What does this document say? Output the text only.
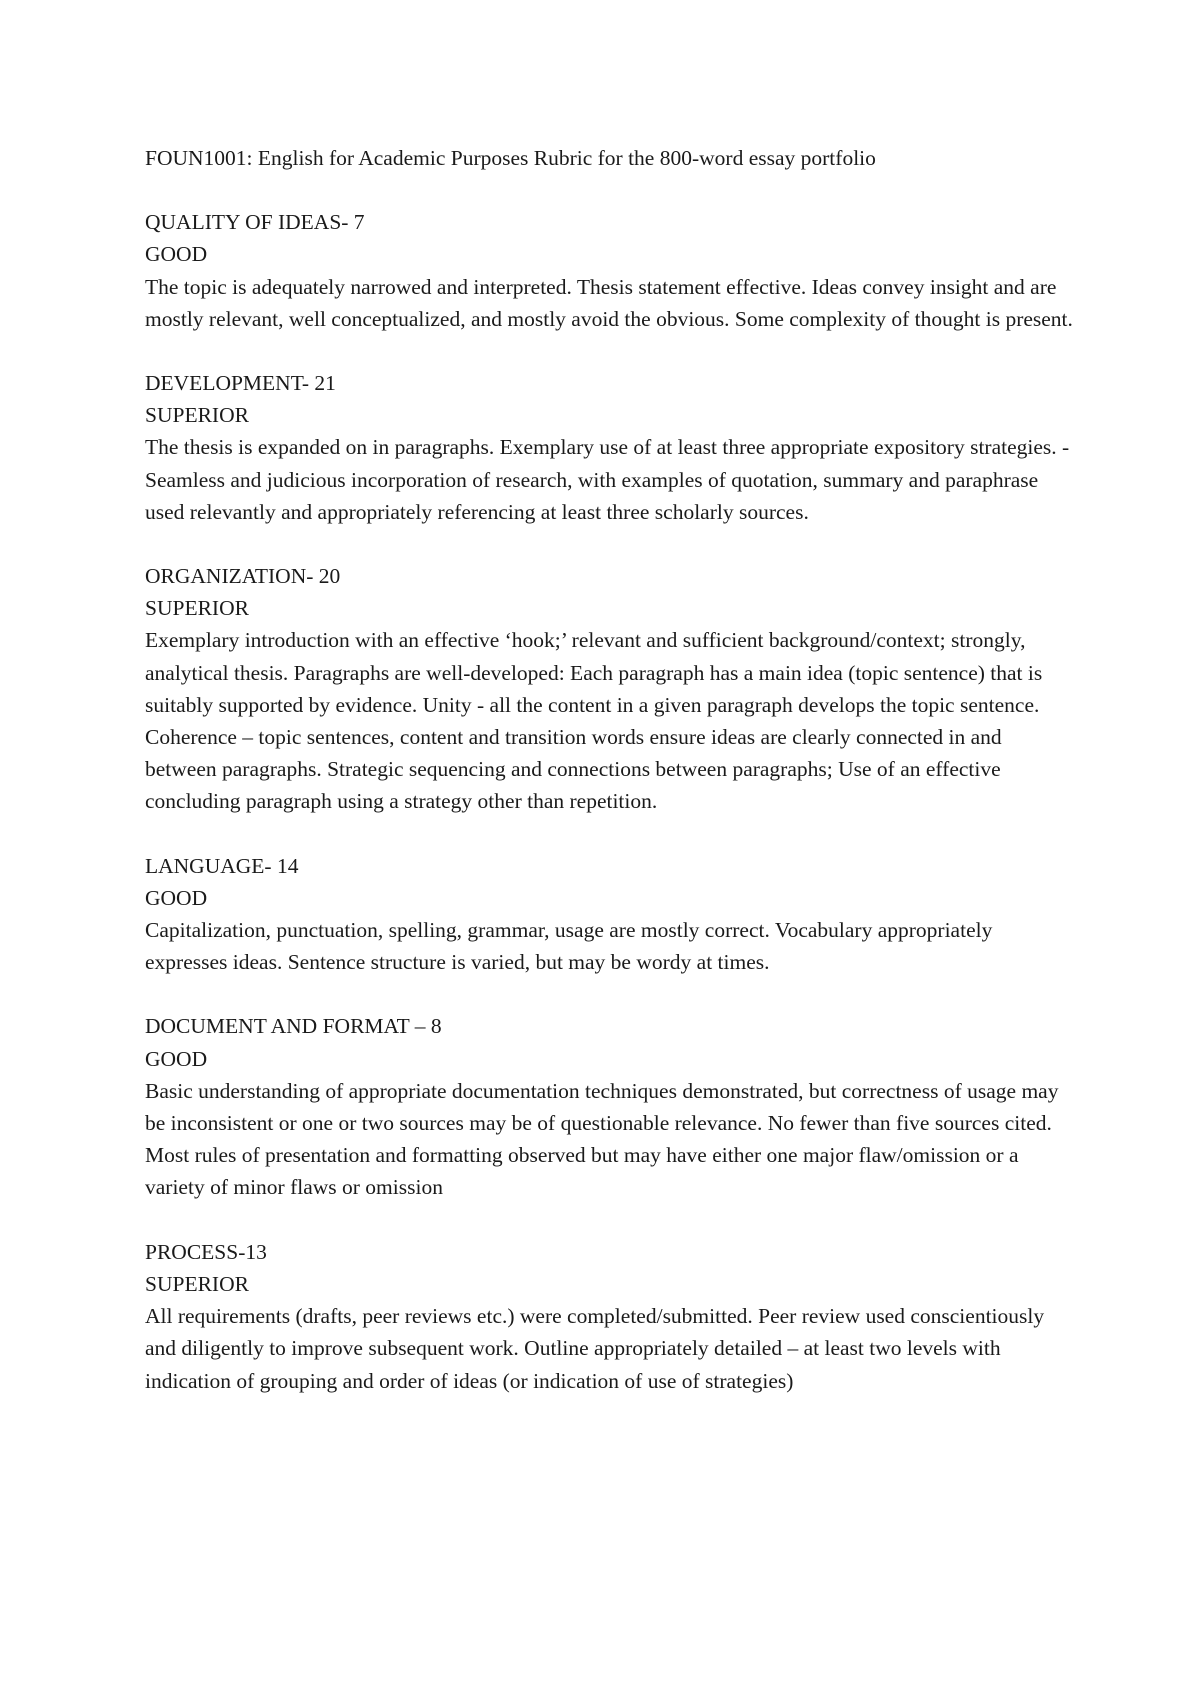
FOUN1001: English for Academic Purposes Rubric for the 800-word essay portfolio

QUALITY OF IDEAS- 7

GOOD

The topic is adequately narrowed and interpreted. Thesis statement effective. Ideas convey insight and are mostly relevant, well conceptualized, and mostly avoid the obvious. Some complexity of thought is present.

DEVELOPMENT- 21

SUPERIOR

The thesis is expanded on in paragraphs. Exemplary use of at least three appropriate expository strategies. -Seamless and judicious incorporation of research, with examples of quotation, summary and paraphrase used relevantly and appropriately referencing at least three scholarly sources.

ORGANIZATION- 20

SUPERIOR

Exemplary introduction with an effective ‘hook;’ relevant and sufficient background/context; strongly, analytical thesis. Paragraphs are well-developed: Each paragraph has a main idea (topic sentence) that is suitably supported by evidence. Unity - all the content in a given paragraph develops the topic sentence. Coherence – topic sentences, content and transition words ensure ideas are clearly connected in and between paragraphs. Strategic sequencing and connections between paragraphs; Use of an effective concluding paragraph using a strategy other than repetition.

LANGUAGE- 14

GOOD

Capitalization, punctuation, spelling, grammar, usage are mostly correct. Vocabulary appropriately expresses ideas. Sentence structure is varied, but may be wordy at times.

DOCUMENT AND FORMAT – 8

GOOD

Basic understanding of appropriate documentation techniques demonstrated, but correctness of usage may be inconsistent or one or two sources may be of questionable relevance. No fewer than five sources cited. Most rules of presentation and formatting observed but may have either one major flaw/omission or a variety of minor flaws or omission

PROCESS-13

SUPERIOR

All requirements (drafts, peer reviews etc.) were completed/submitted. Peer review used conscientiously and diligently to improve subsequent work. Outline appropriately detailed – at least two levels with indication of grouping and order of ideas (or indication of use of strategies)
